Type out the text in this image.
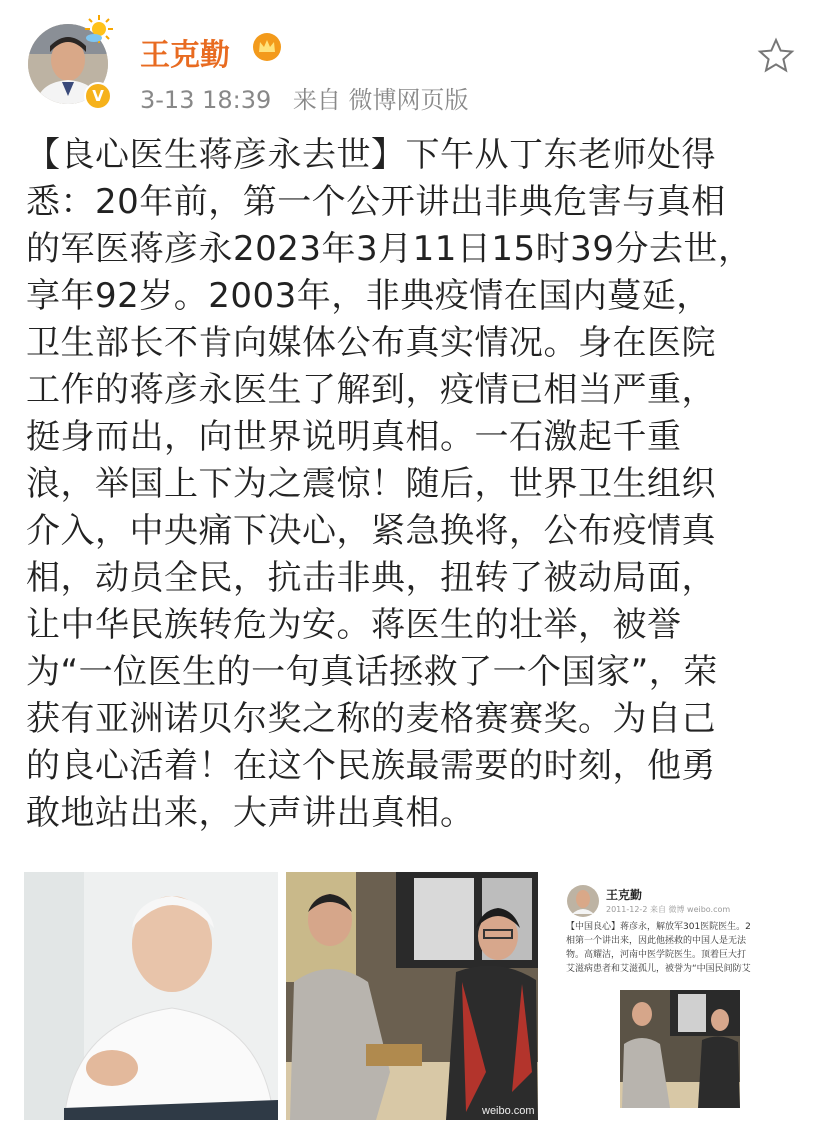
V
王克勤
3-13 18:39 来自 微博网页版
【良心医生蒋彦永去世】下午从丁东老师处得
悉：20年前，第一个公开讲出非典危害与真相
的军医蒋彦永2023年3月11日15时39分去世，
享年92岁。2003年，非典疫情在国内蔓延，
卫生部长不肯向媒体公布真实情况。身在医院
工作的蒋彦永医生了解到，疫情已相当严重，
挺身而出，向世界说明真相。一石激起千重
浪，举国上下为之震惊！随后，世界卫生组织
介入，中央痛下决心，紧急换将，公布疫情真
相，动员全民，抗击非典，扭转了被动局面，
让中华民族转危为安。蒋医生的壮举，被誉
为“一位医生的一句真话拯救了一个国家”，荣
获有亚洲诺贝尔奖之称的麦格赛赛奖。为自己
的良心活着！在这个民族最需要的时刻，他勇
敢地站出来，大声讲出真相。
weibo.com
王克勤
2011-12-2 来自 微博 weibo.com
【中国良心】蒋彦永，解放军301医院医生。2
相第一个讲出来，因此他拯救的中国人是无法
物。高耀洁，河南中医学院医生。顶着巨大打
艾滋病患者和艾滋孤儿，被誉为“中国民间防艾
